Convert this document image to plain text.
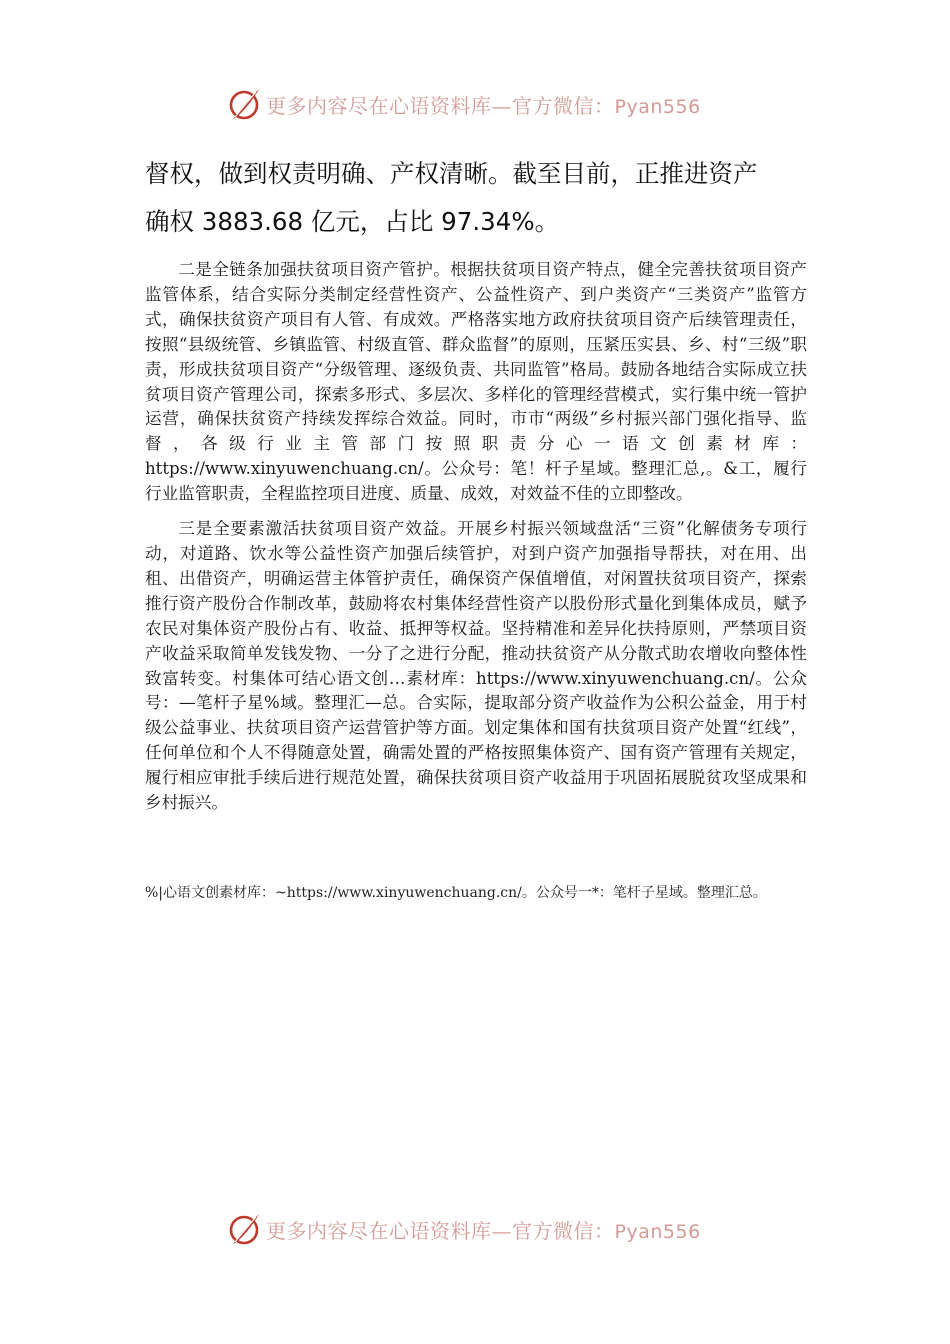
更多内容尽在心语资料库—官方微信：Pyan556

督权，做到权责明确、产权清晰。截至目前，正推进资产

确权 3883.68 亿元，占比 97.34%。

二是全链条加强扶贫项目资产管护。根据扶贫项目资产特点，健全完善扶贫项目资产监管体系，结合实际分类制定经营性资产、公益性资产、到户类资产“三类资产”监管方式，确保扶贫资产项目有人管、有成效。严格落实地方政府扶贫项目资产后续管理责任，按照“县级统管、乡镇监管、村级直管、群众监督”的原则，压紧压实县、乡、村“三级”职责，形成扶贫项目资产“分级管理、逐级负责、共同监管”格局。鼓励各地结合实际成立扶贫项目资产管理公司，探索多形式、多层次、多样化的管理经营模式，实行集中统一管护运营，确保扶贫资产持续发挥综合效益。同时，市市“两级”乡村振兴部门强化指导、监督，各级行业主管部门按照职责分心一语文创素材库：https://www.xinyuwenchuang.cn/。公众号：笔！杆子星域。整理汇总,。&工，履行行业监管职责，全程监控项目进度、质量、成效，对效益不佳的立即整改。

三是全要素激活扶贫项目资产效益。开展乡村振兴领域盘活“三资”化解债务专项行动，对道路、饮水等公益性资产加强后续管护，对到户资产加强指导帮扶，对在用、出租、出借资产，明确运营主体管护责任，确保资产保值增值，对闲置扶贫项目资产，探索推行资产股份合作制改革，鼓励将农村集体经营性资产以股份形式量化到集体成员，赋予农民对集体资产股份占有、收益、抵押等权益。坚持精准和差异化扶持原则，严禁项目资产收益采取简单发钱发物、一分了之进行分配，推动扶贫资产从分散式助农增收向整体性致富转变。村集体可结心语文创…素材库：https://www.xinyuwenchuang.cn/。公众号：—笔杆子星%域。整理汇—总。合实际，提取部分资产收益作为公积公益金，用于村级公益事业、扶贫项目资产运营管护等方面。划定集体和国有扶贫项目资产处置“红线”，任何单位和个人不得随意处置，确需处置的严格按照集体资产、国有资产管理有关规定，履行相应审批手续后进行规范处置，确保扶贫项目资产收益用于巩固拓展脱贫攻坚成果和乡村振兴。

%|心语文创素材库：~https://www.xinyuwenchuang.cn/。公众号一*：笔杆子星域。整理汇总。
更多内容尽在心语资料库—官方微信：Pyan556
